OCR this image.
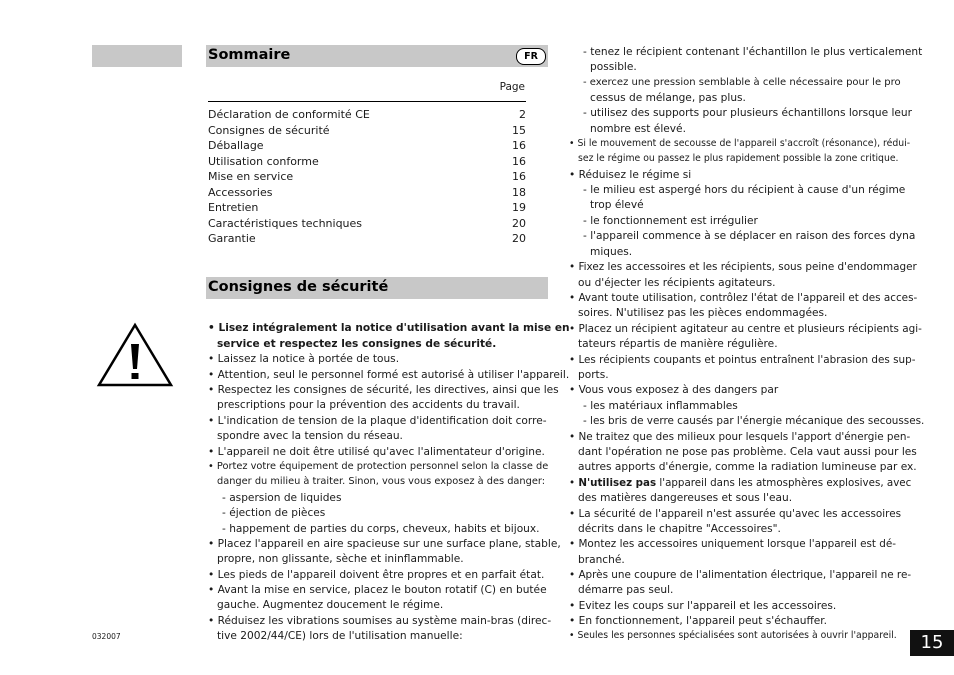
Sommaire	FR
Page
Déclaration de conformité CE	2
Consignes de sécurité	15
Déballage	16
Utilisation conforme	16
Mise en service	16
Accessories	18
Entretien	19
Caractéristiques techniques	20
Garantie	20
Consignes de sécurité
• Lisez intégralement la notice d'utilisation avant la mise en
service et respectez les consignes de sécurité.
• Laissez la notice à portée de tous.
• Attention, seul le personnel formé est autorisé à utiliser l'appareil.
• Respectez les consignes de sécurité, les directives, ainsi que les
prescriptions pour la prévention des accidents du travail.
• L'indication de tension de la plaque d'identification doit corre-
spondre avec la tension du réseau.
• L'appareil ne doit être utilisé qu'avec l'alimentateur d'origine.
• Portez votre équipement de protection personnel selon la classe de
danger du milieu à traiter. Sinon, vous vous exposez à des danger:
- aspersion de liquides
- éjection de pièces
- happement de parties du corps, cheveux, habits et bijoux.
• Placez l'appareil en aire spacieuse sur une surface plane, stable,
propre, non glissante, sèche et ininflammable.
• Les pieds de l'appareil doivent être propres et en parfait état.
• Avant la mise en service, placez le bouton rotatif (C) en butée
gauche. Augmentez doucement le régime.
• Réduisez les vibrations soumises au système main-bras (direc-
tive 2002/44/CE) lors de l'utilisation manuelle:
- tenez le récipient contenant l'échantillon le plus verticalement
possible.
- exercez une pression semblable à celle nécessaire pour le pro
cessus de mélange, pas plus.
- utilisez des supports pour plusieurs échantillons lorsque leur
nombre est élevé.
• Si le mouvement de secousse de l'appareil s'accroît (résonance), rédui-
sez le régime ou passez le plus rapidement possible la zone critique.
• Réduisez le régime si
- le milieu est aspergé hors du récipient à cause d'un régime
trop élevé
- le fonctionnement est irrégulier
- l'appareil commence à se déplacer en raison des forces dyna
miques.
• Fixez les accessoires et les récipients, sous peine d'endommager
ou d'éjecter les récipients agitateurs.
• Avant toute utilisation, contrôlez l'état de l'appareil et des acces-
soires. N'utilisez pas les pièces endommagées.
• Placez un récipient agitateur au centre et plusieurs récipients agi-
tateurs répartis de manière régulière.
• Les récipients coupants et pointus entraînent l'abrasion des sup-
ports.
• Vous vous exposez à des dangers par
- les matériaux inflammables
- les bris de verre causés par l'énergie mécanique des secousses.
• Ne traitez que des milieux pour lesquels l'apport d'énergie pen-
dant l'opération ne pose pas problème. Cela vaut aussi pour les
autres apports d'énergie, comme la radiation lumineuse par ex.
• N'utilisez pas l'appareil dans les atmosphères explosives, avec
des matières dangereuses et sous l'eau.
• La sécurité de l'appareil n'est assurée qu'avec les accessoires
décrits dans le chapitre "Accessoires".
• Montez les accessoires uniquement lorsque l'appareil est dé-
branché.
• Après une coupure de l'alimentation électrique, l'appareil ne re-
démarre pas seul.
• Evitez les coups sur l'appareil et les accessoires.
• En fonctionnement, l'appareil peut s'échauffer.
• Seules les personnes spécialisées sont autorisées à ouvrir l'appareil.
032007	15
